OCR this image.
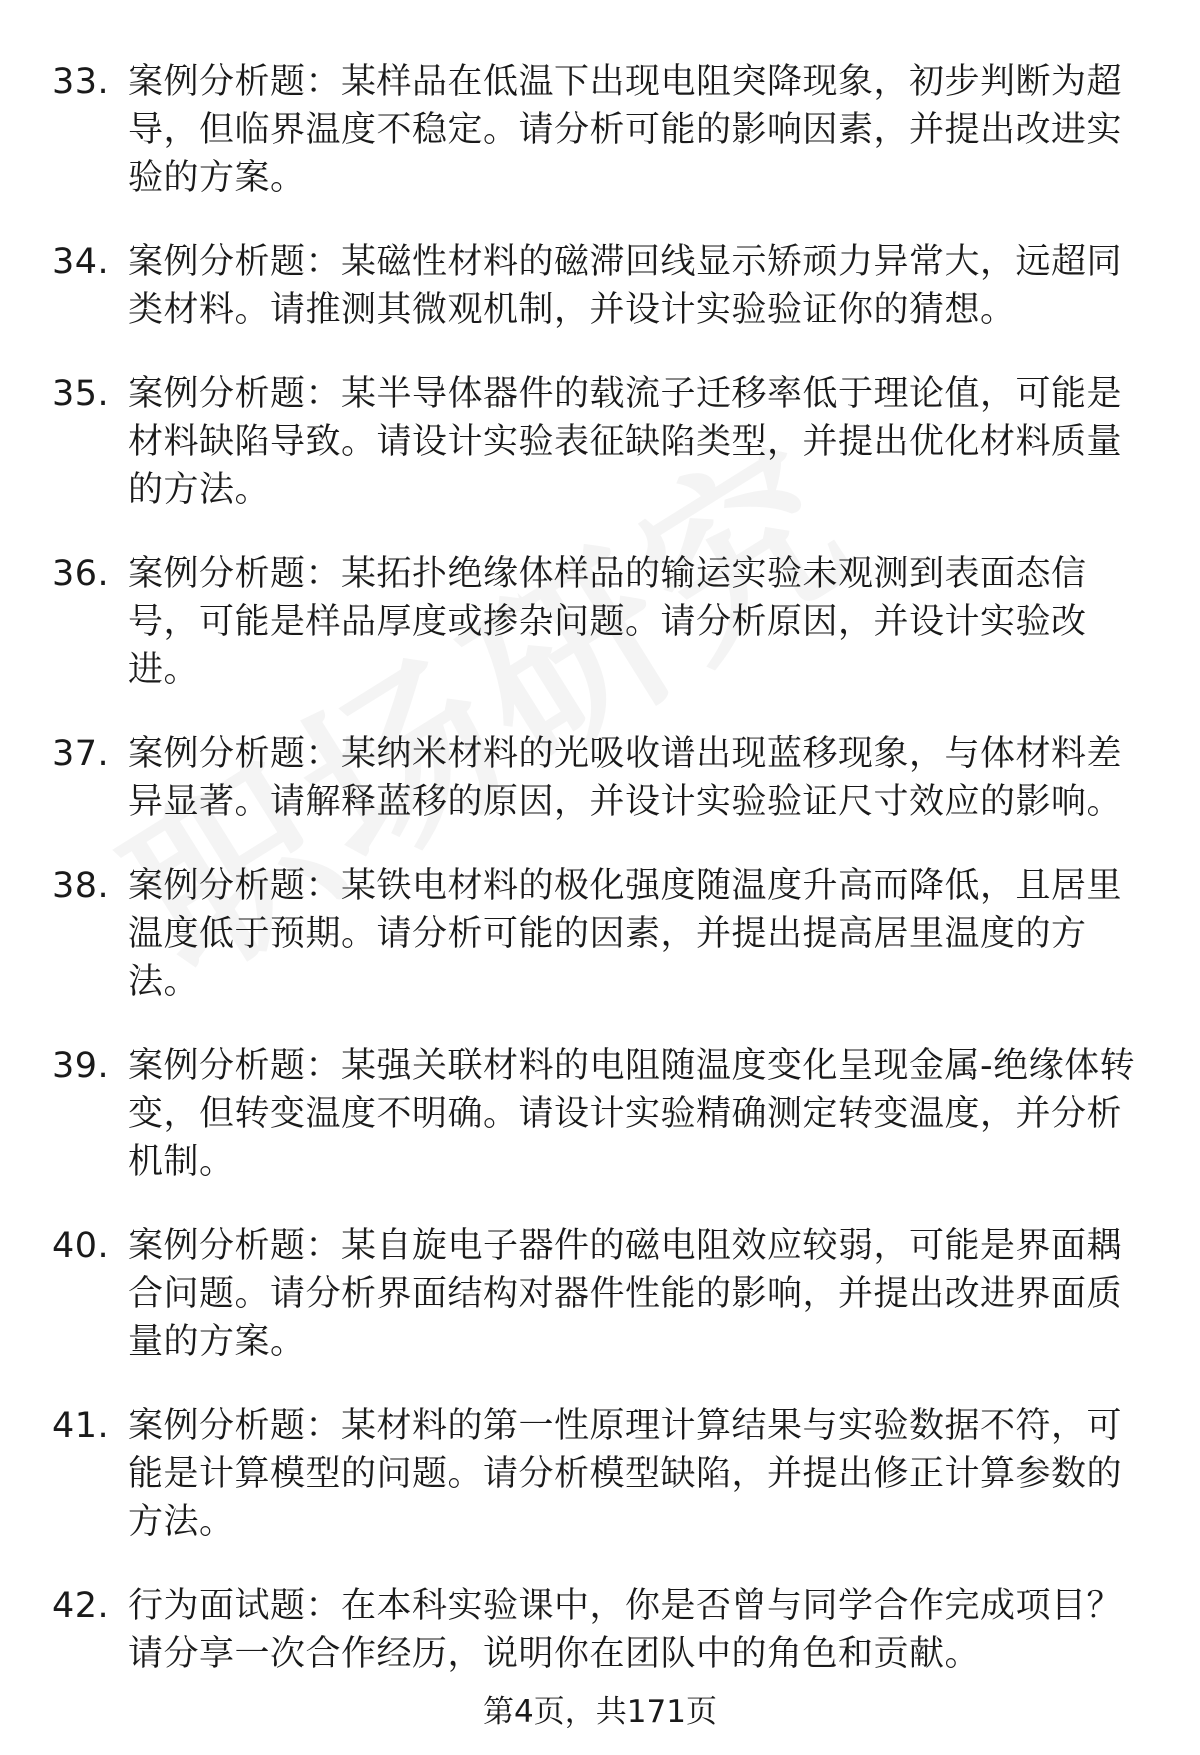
33. 案例分析题：某样品在低温下出现电阻突降现象，初步判断为超导，但临界温度不稳定。请分析可能的影响因素，并提出改进实验的方案。
34. 案例分析题：某磁性材料的磁滞回线显示矫顽力异常大，远超同类材料。请推测其微观机制，并设计实验验证你的猜想。
35. 案例分析题：某半导体器件的载流子迁移率低于理论值，可能是材料缺陷导致。请设计实验表征缺陷类型，并提出优化材料质量的方法。
36. 案例分析题：某拓扑绝缘体样品的输运实验未观测到表面态信号，可能是样品厚度或掺杂问题。请分析原因，并设计实验改进。
37. 案例分析题：某纳米材料的光吸收谱出现蓝移现象，与体材料差异显著。请解释蓝移的原因，并设计实验验证尺寸效应的影响。
38. 案例分析题：某铁电材料的极化强度随温度升高而降低，且居里温度低于预期。请分析可能的因素，并提出提高居里温度的方法。
39. 案例分析题：某强关联材料的电阻随温度变化呈现金属-绝缘体转变，但转变温度不明确。请设计实验精确测定转变温度，并分析机制。
40. 案例分析题：某自旋电子器件的磁电阻效应较弱，可能是界面耦合问题。请分析界面结构对器件性能的影响，并提出改进界面质量的方案。
41. 案例分析题：某材料的第一性原理计算结果与实验数据不符，可能是计算模型的问题。请分析模型缺陷，并提出修正计算参数的方法。
42. 行为面试题：在本科实验课中，你是否曾与同学合作完成项目？请分享一次合作经历，说明你在团队中的角色和贡献。
第4页，共171页
